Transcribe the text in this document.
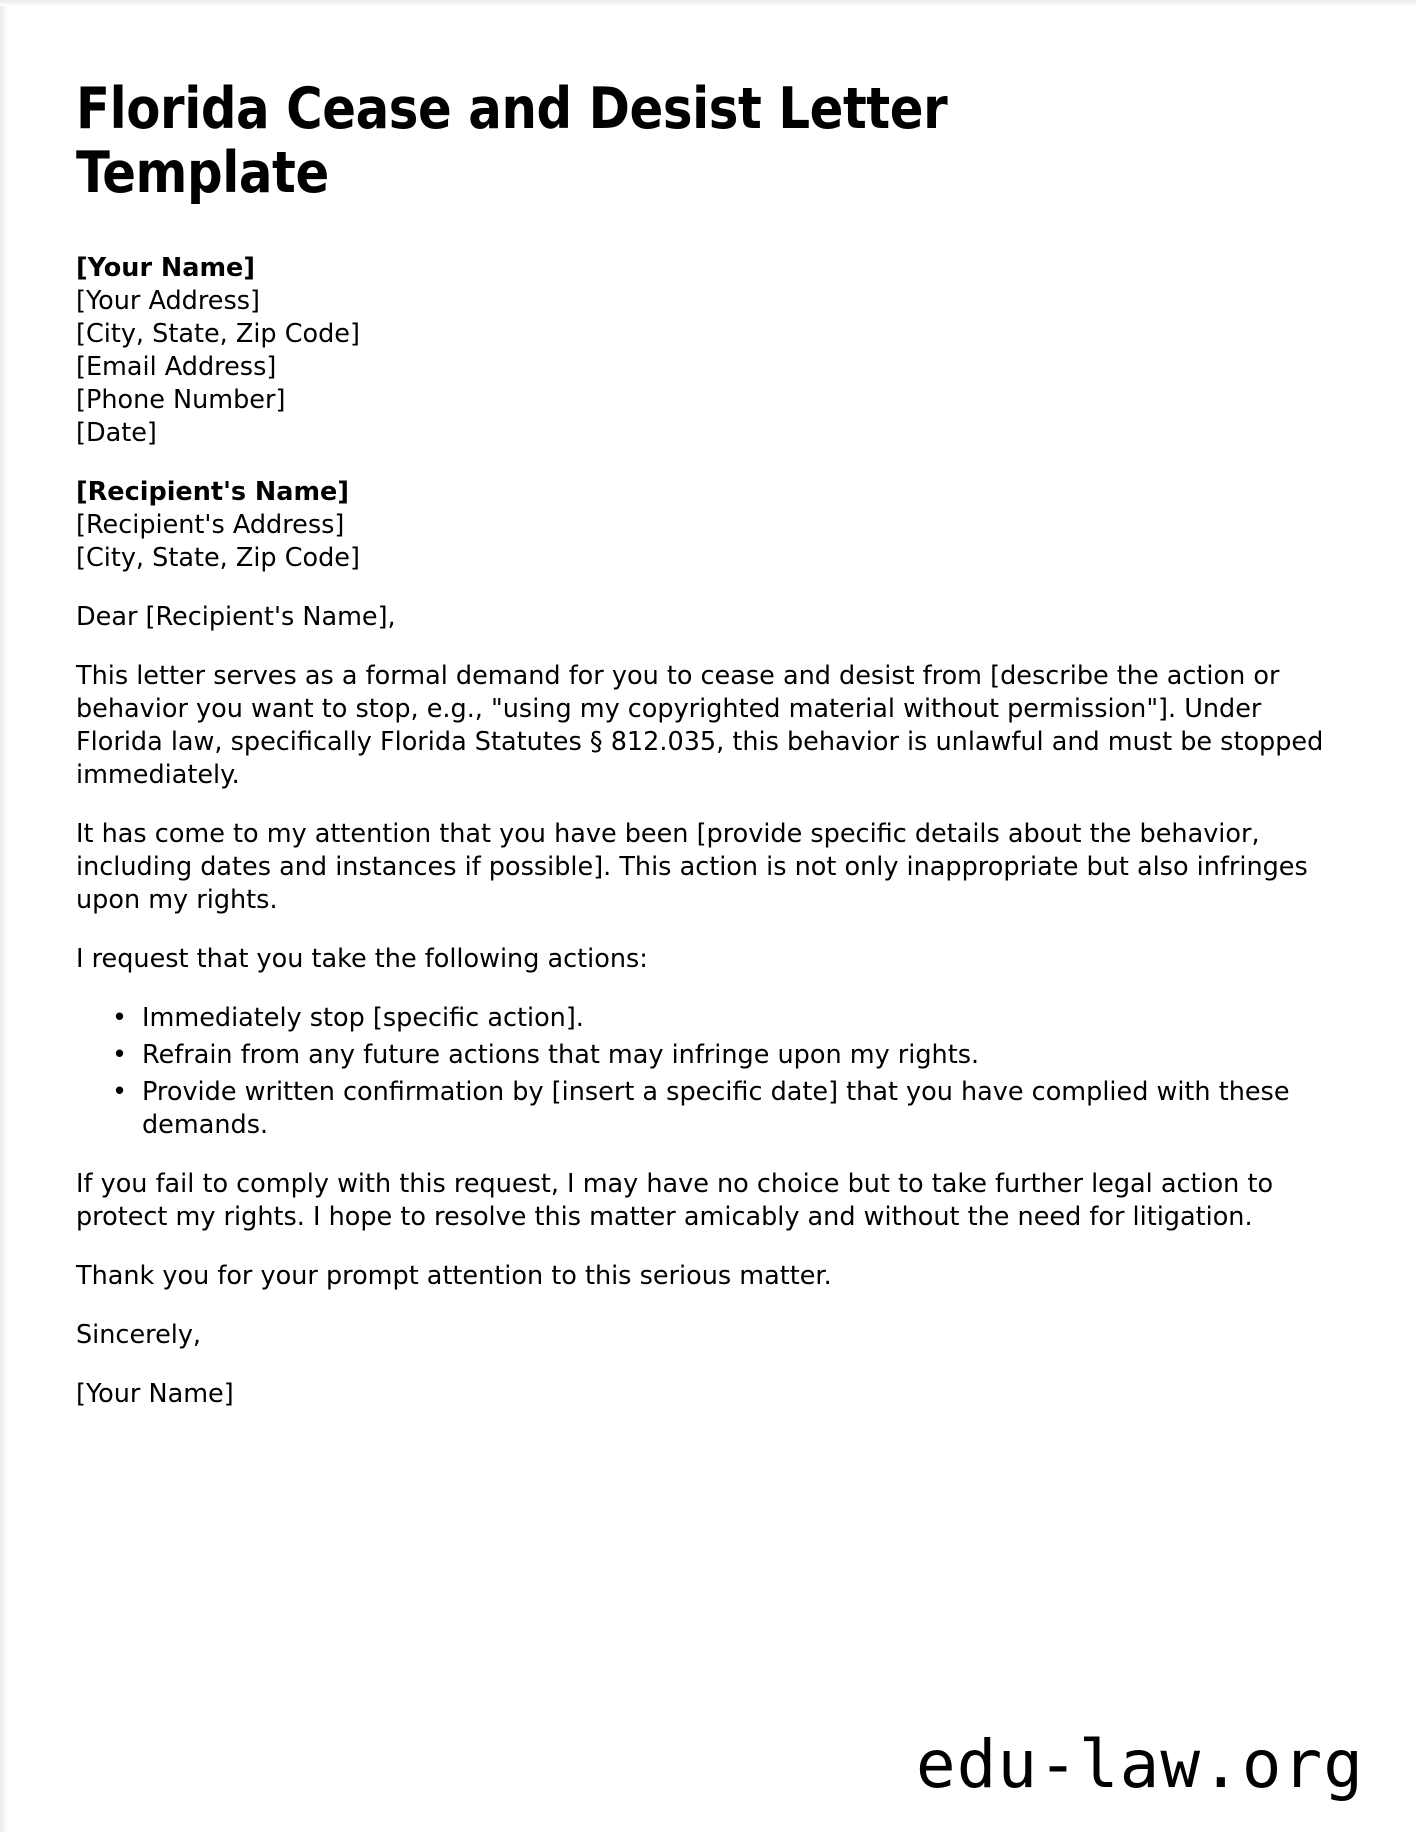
Florida Cease and Desist Letter Template
[Your Name]
[Your Address]
[City, State, Zip Code]
[Email Address]
[Phone Number]
[Date]
[Recipient's Name]
[Recipient's Address]
[City, State, Zip Code]

Dear [Recipient's Name],

This letter serves as a formal demand for you to cease and desist from [describe the action or behavior you want to stop, e.g., "using my copyrighted material without permission"]. Under Florida law, specifically Florida Statutes § 812.035, this behavior is unlawful and must be stopped immediately.

It has come to my attention that you have been [provide specific details about the behavior, including dates and instances if possible]. This action is not only inappropriate but also infringes upon my rights.

I request that you take the following actions:

• Immediately stop [specific action].
• Refrain from any future actions that may infringe upon my rights.
• Provide written confirmation by [insert a specific date] that you have complied with these demands.

If you fail to comply with this request, I may have no choice but to take further legal action to protect my rights. I hope to resolve this matter amicably and without the need for litigation.

Thank you for your prompt attention to this serious matter.

Sincerely,

[Your Name]

edu-law.org
